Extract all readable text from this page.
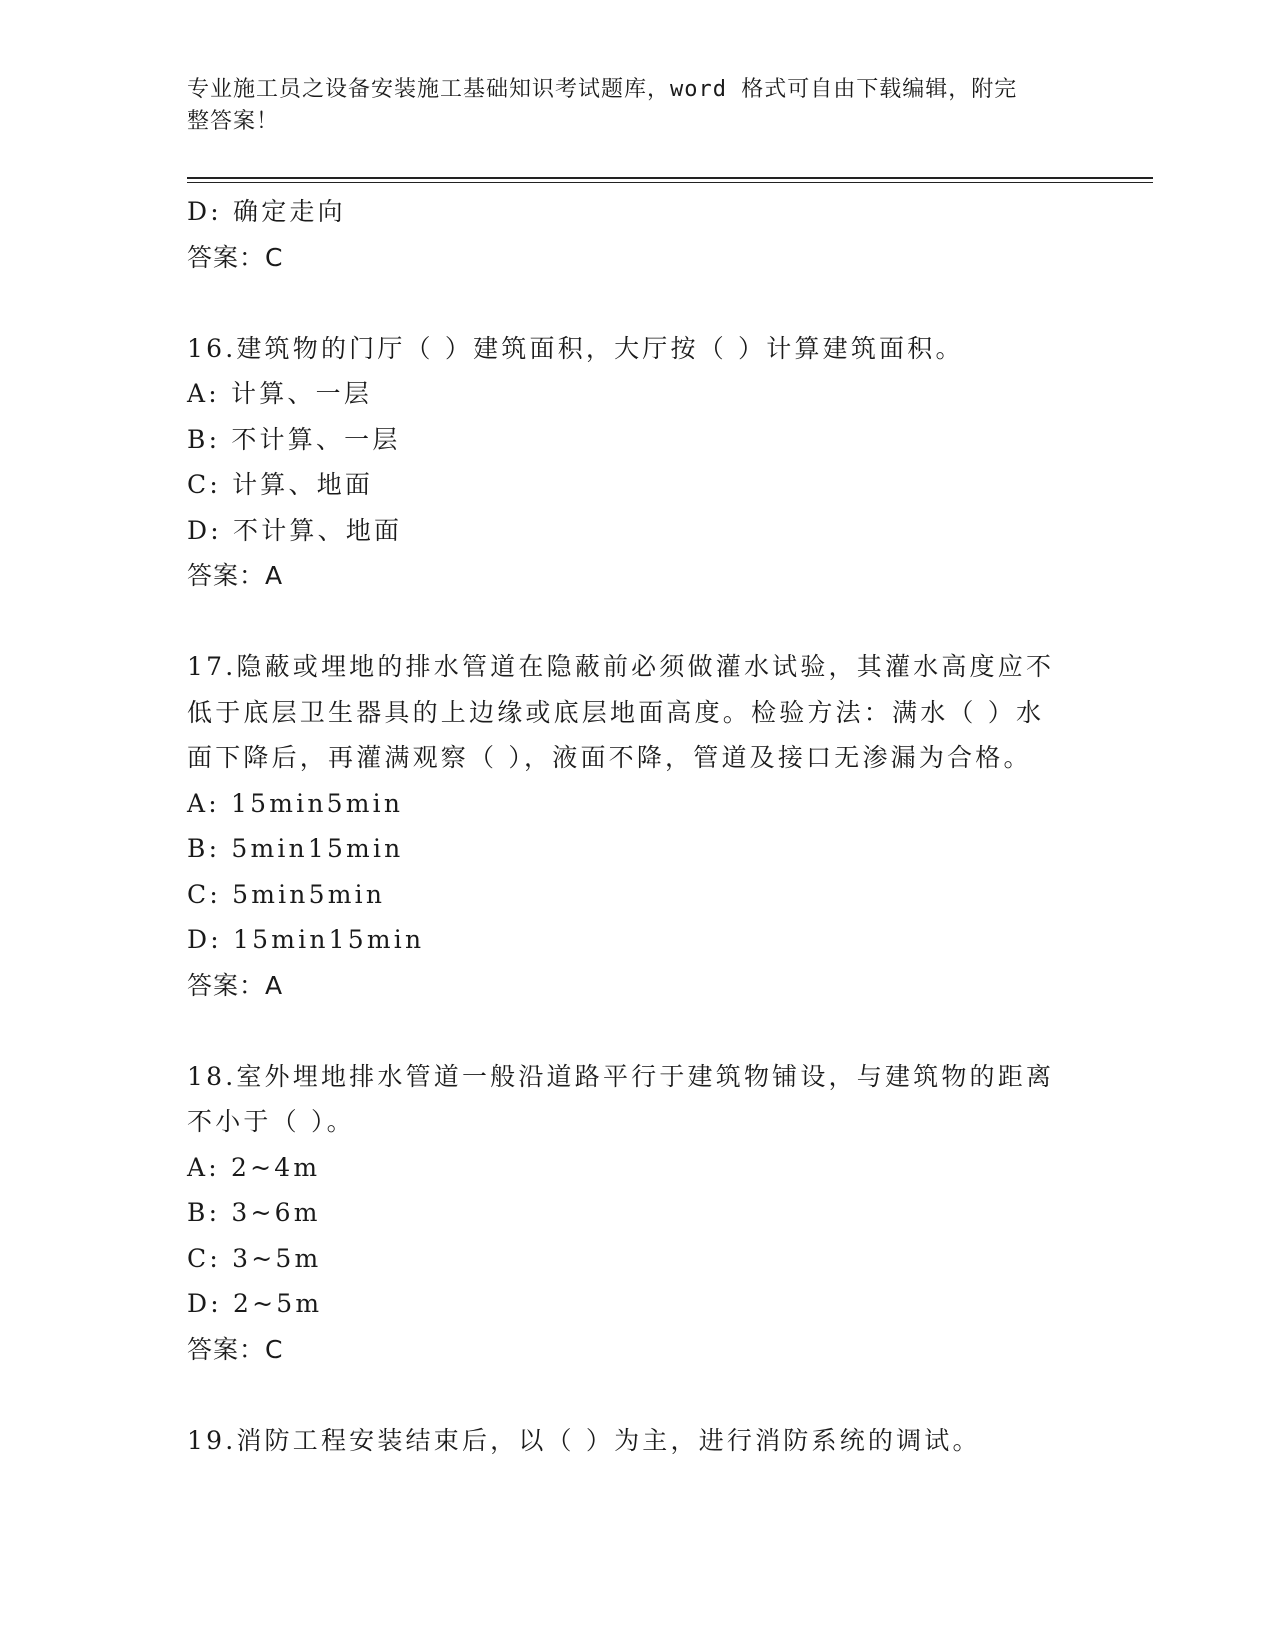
专业施工员之设备安装施工基础知识考试题库，word 格式可自由下载编辑，附完
整答案！
D: 确定走向
答案：C
16.建筑物的门厅（ ）建筑面积，大厅按（ ）计算建筑面积。
A: 计算、一层
B: 不计算、一层
C: 计算、地面
D: 不计算、地面
答案：A
17.隐蔽或埋地的排水管道在隐蔽前必须做灌水试验，其灌水高度应不
低于底层卫生器具的上边缘或底层地面高度。检验方法：满水（ ）水
面下降后，再灌满观察（ ），液面不降，管道及接口无渗漏为合格。
A: 15min5min
B: 5min15min
C: 5min5min
D: 15min15min
答案：A
18.室外埋地排水管道一般沿道路平行于建筑物铺设，与建筑物的距离
不小于（ ）。
A: 2~4m
B: 3~6m
C: 3~5m
D: 2~5m
答案：C
19.消防工程安装结束后，以（ ）为主，进行消防系统的调试。
